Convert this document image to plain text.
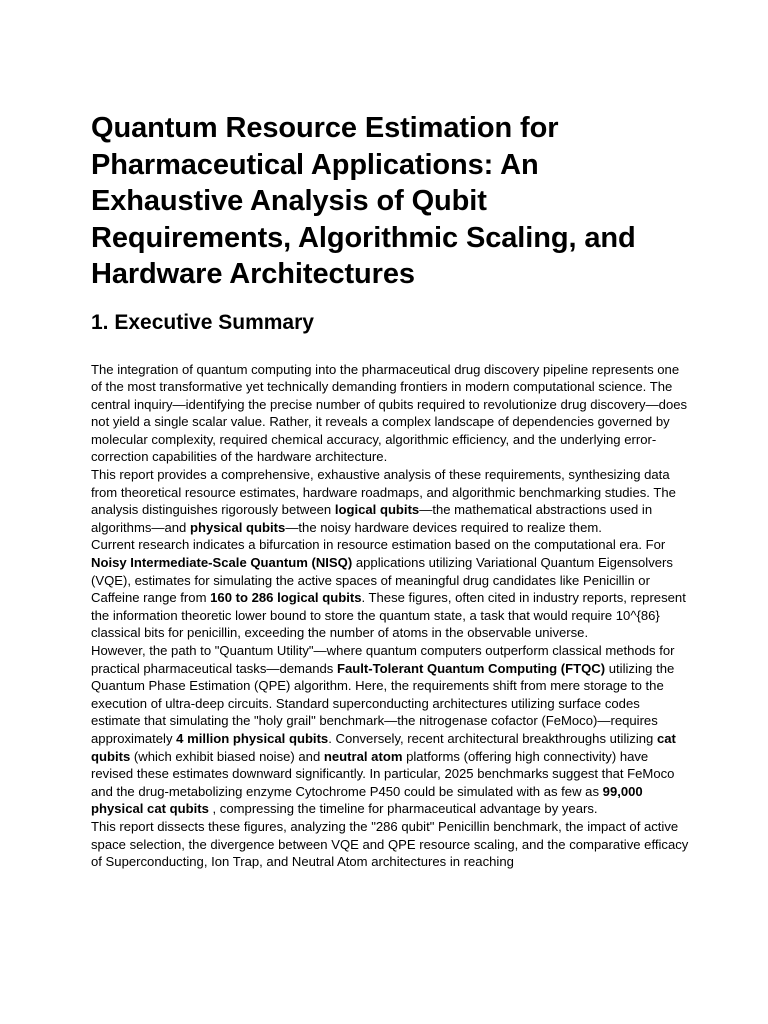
Quantum Resource Estimation for Pharmaceutical Applications: An Exhaustive Analysis of Qubit Requirements, Algorithmic Scaling, and Hardware Architectures
1. Executive Summary

The integration of quantum computing into the pharmaceutical drug discovery pipeline represents one of the most transformative yet technically demanding frontiers in modern computational science. The central inquiry—identifying the precise number of qubits required to revolutionize drug discovery—does not yield a single scalar value. Rather, it reveals a complex landscape of dependencies governed by molecular complexity, required chemical accuracy, algorithmic efficiency, and the underlying error-correction capabilities of the hardware architecture.

This report provides a comprehensive, exhaustive analysis of these requirements, synthesizing data from theoretical resource estimates, hardware roadmaps, and algorithmic benchmarking studies. The analysis distinguishes rigorously between logical qubits—the mathematical abstractions used in algorithms—and physical qubits—the noisy hardware devices required to realize them.

Current research indicates a bifurcation in resource estimation based on the computational era. For Noisy Intermediate-Scale Quantum (NISQ) applications utilizing Variational Quantum Eigensolvers (VQE), estimates for simulating the active spaces of meaningful drug candidates like Penicillin or Caffeine range from 160 to 286 logical qubits. These figures, often cited in industry reports, represent the information theoretic lower bound to store the quantum state, a task that would require 10^{86} classical bits for penicillin, exceeding the number of atoms in the observable universe.

However, the path to "Quantum Utility"—where quantum computers outperform classical methods for practical pharmaceutical tasks—demands Fault-Tolerant Quantum Computing (FTQC) utilizing the Quantum Phase Estimation (QPE) algorithm. Here, the requirements shift from mere storage to the execution of ultra-deep circuits. Standard superconducting architectures utilizing surface codes estimate that simulating the "holy grail" benchmark—the nitrogenase cofactor (FeMoco)—requires approximately 4 million physical qubits. Conversely, recent architectural breakthroughs utilizing cat qubits (which exhibit biased noise) and neutral atom platforms (offering high connectivity) have revised these estimates downward significantly. In particular, 2025 benchmarks suggest that FeMoco and the drug-metabolizing enzyme Cytochrome P450 could be simulated with as few as 99,000 physical cat qubits , compressing the timeline for pharmaceutical advantage by years.

This report dissects these figures, analyzing the "286 qubit" Penicillin benchmark, the impact of active space selection, the divergence between VQE and QPE resource scaling, and the comparative efficacy of Superconducting, Ion Trap, and Neutral Atom architectures in reaching
